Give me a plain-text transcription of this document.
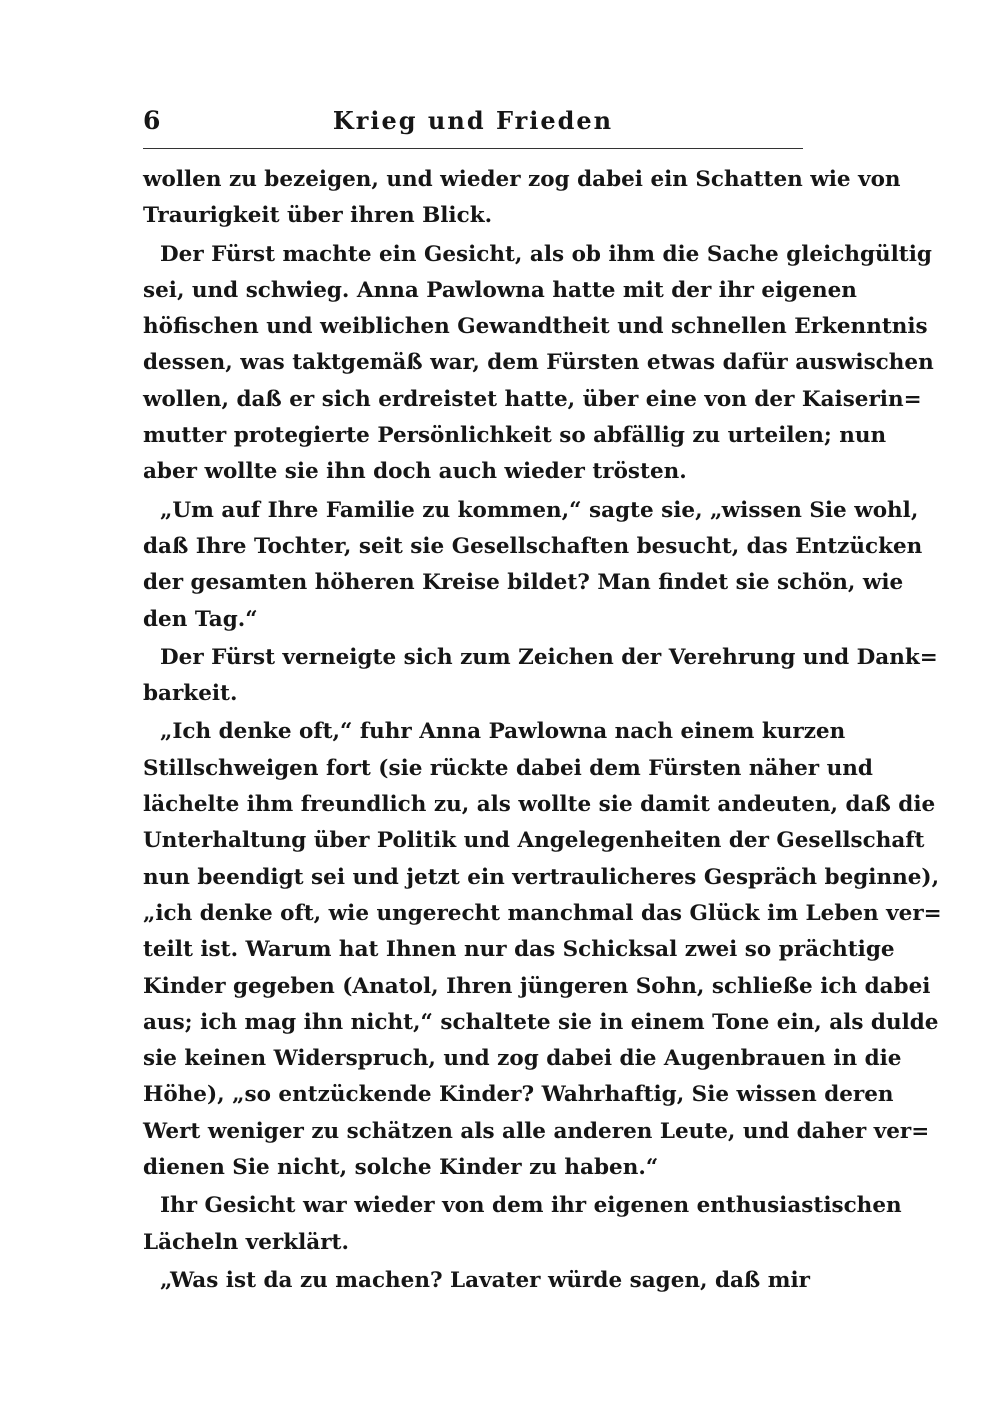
6	Krieg und Frieden
wollen zu bezeigen, und wieder zog dabei ein Schatten wie von
Traurigkeit über ihren Blick.
Der Fürst machte ein Gesicht, als ob ihm die Sache gleichgültig
sei, und schwieg. Anna Pawlowna hatte mit der ihr eigenen
höfischen und weiblichen Gewandtheit und schnellen Erkenntnis
dessen, was taktgemäß war, dem Fürsten etwas dafür auswischen
wollen, daß er sich erdreistet hatte, über eine von der Kaiserin=
mutter protegierte Persönlichkeit so abfällig zu urteilen; nun
aber wollte sie ihn doch auch wieder trösten.
„Um auf Ihre Familie zu kommen,“ sagte sie, „wissen Sie wohl,
daß Ihre Tochter, seit sie Gesellschaften besucht, das Entzücken
der gesamten höheren Kreise bildet? Man findet sie schön, wie
den Tag.“
Der Fürst verneigte sich zum Zeichen der Verehrung und Dank=
barkeit.
„Ich denke oft,“ fuhr Anna Pawlowna nach einem kurzen
Stillschweigen fort (sie rückte dabei dem Fürsten näher und
lächelte ihm freundlich zu, als wollte sie damit andeuten, daß die
Unterhaltung über Politik und Angelegenheiten der Gesellschaft
nun beendigt sei und jetzt ein vertraulicheres Gespräch beginne),
„ich denke oft, wie ungerecht manchmal das Glück im Leben ver=
teilt ist. Warum hat Ihnen nur das Schicksal zwei so prächtige
Kinder gegeben (Anatol, Ihren jüngeren Sohn, schließe ich dabei
aus; ich mag ihn nicht,“ schaltete sie in einem Tone ein, als dulde
sie keinen Widerspruch, und zog dabei die Augenbrauen in die
Höhe), „so entzückende Kinder? Wahrhaftig, Sie wissen deren
Wert weniger zu schätzen als alle anderen Leute, und daher ver=
dienen Sie nicht, solche Kinder zu haben.“
Ihr Gesicht war wieder von dem ihr eigenen enthusiastischen
Lächeln verklärt.
„Was ist da zu machen? Lavater würde sagen, daß mir
